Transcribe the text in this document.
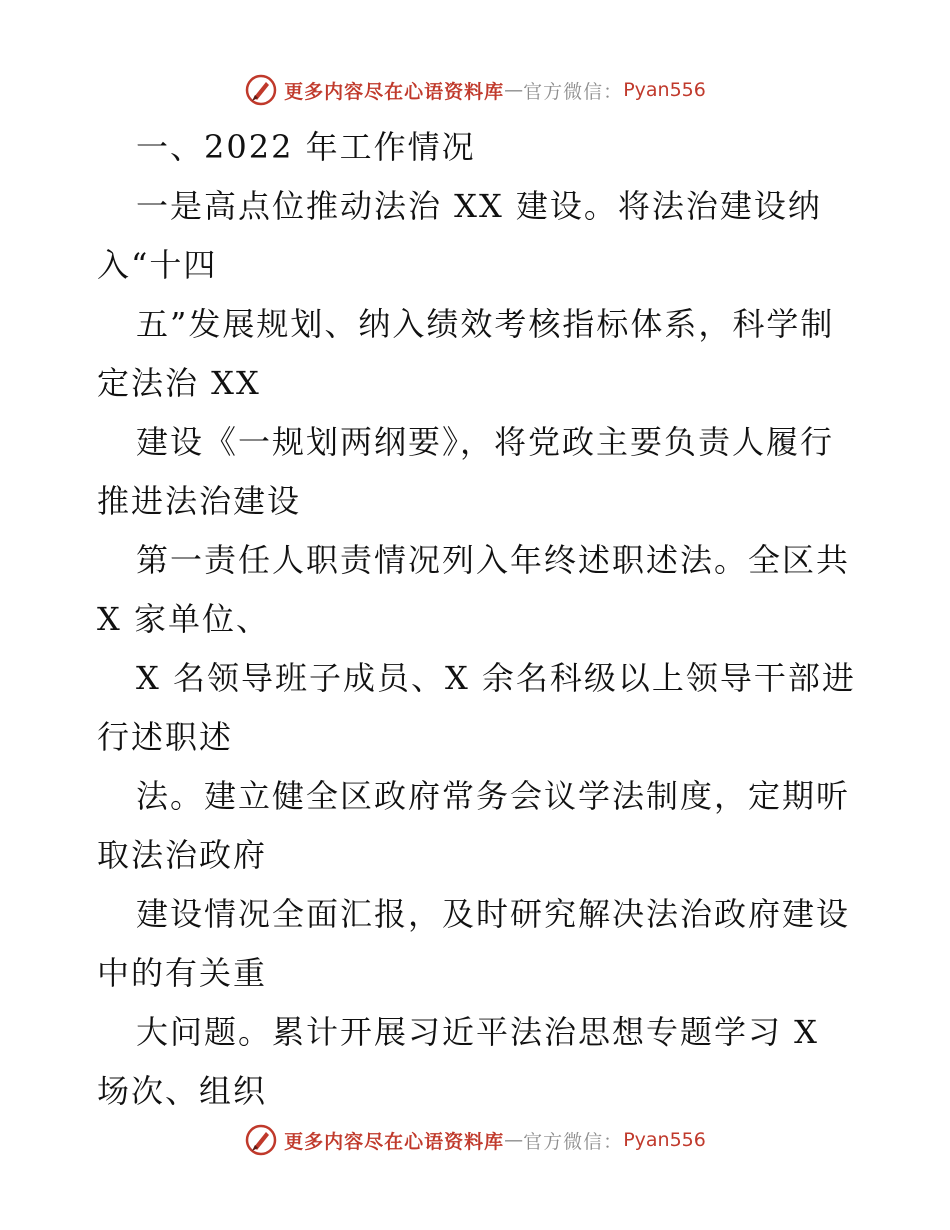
更多内容尽在心语资料库 — 官方微信： Pyan556
一、2022 年工作情况
一是高点位推动法治 XX 建设。将法治建设纳
入“十四
五”发展规划、纳入绩效考核指标体系，科学制
定法治 XX
建设《一规划两纲要》，将党政主要负责人履行
推进法治建设
第一责任人职责情况列入年终述职述法。全区共
X 家单位、
X 名领导班子成员、X 余名科级以上领导干部进
行述职述
法。建立健全区政府常务会议学法制度，定期听
取法治政府
建设情况全面汇报，及时研究解决法治政府建设
中的有关重
大问题。累计开展习近平法治思想专题学习 X
场次、组织
更多内容尽在心语资料库 — 官方微信： Pyan556
